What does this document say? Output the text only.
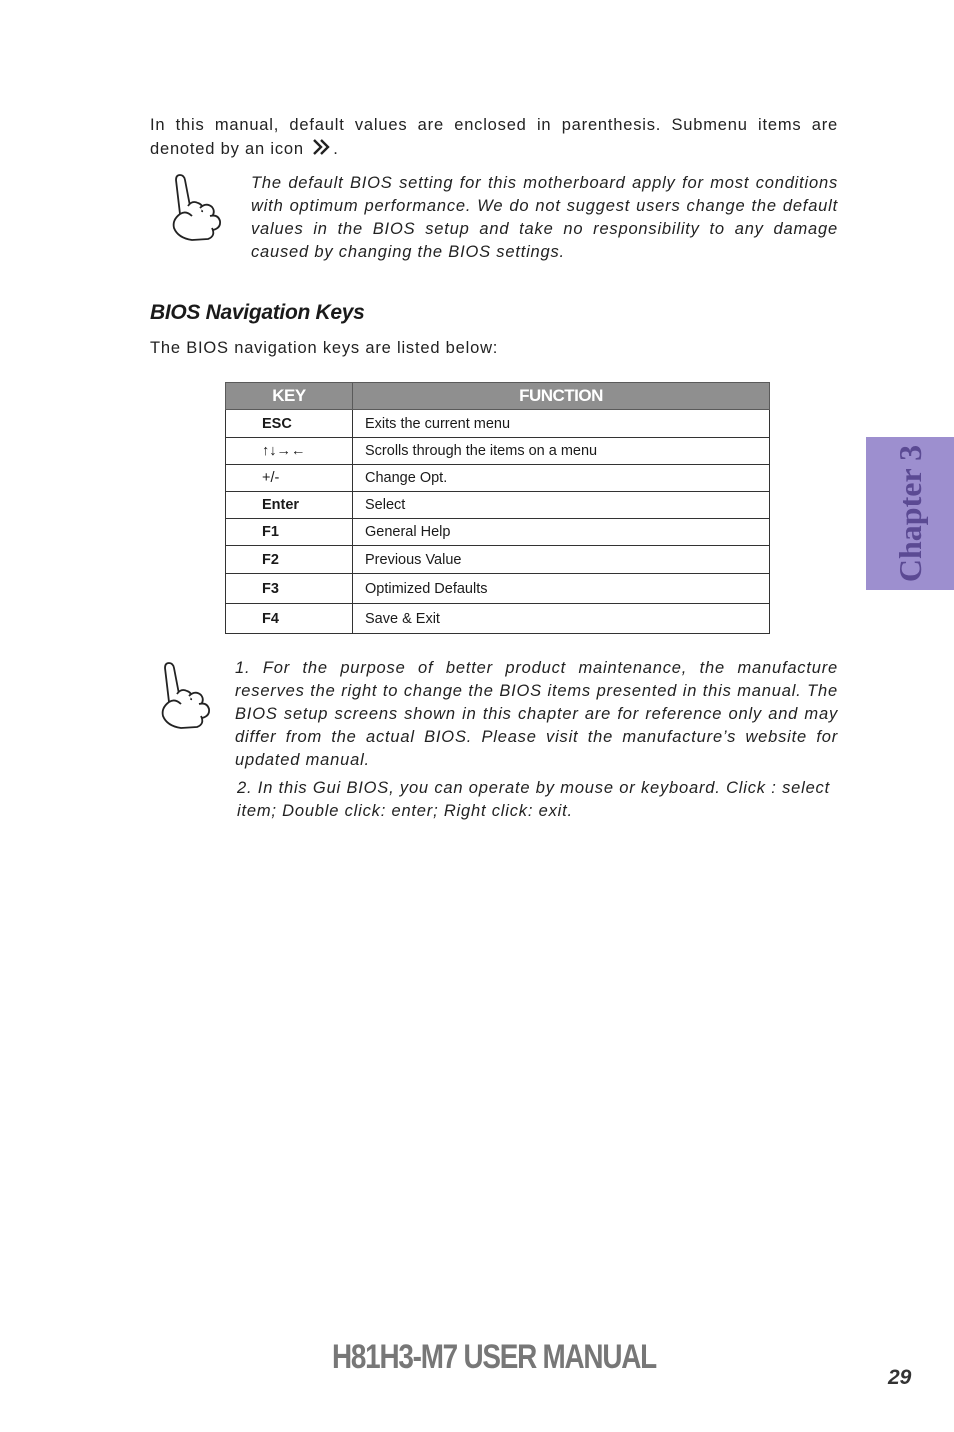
In this manual, default values are enclosed in parenthesis. Submenu items are denoted by an icon .

The default BIOS setting for this motherboard apply for most conditions with optimum performance. We do not suggest users change the default values in the BIOS setup and take no responsibility to any damage caused by changing the BIOS settings.

BIOS Navigation Keys

The BIOS navigation keys are listed below:

KEY	FUNCTION
ESC	Exits the current menu
↑↓→←	Scrolls through the items on a menu
+/-	Change Opt.
Enter	Select
F1	General Help
F2	Previous Value
F3	Optimized Defaults
F4	Save & Exit

1. For the purpose of better product maintenance, the manufacture reserves the right to change the BIOS items presented in this manual. The BIOS setup screens shown in this chapter are for reference only and may differ from the actual BIOS. Please visit the manufacture’s website for updated manual.

2. In this Gui BIOS, you can operate by mouse or keyboard. Click : select item; Double click: enter; Right click: exit.

Chapter 3

H81H3-M7 USER MANUAL

29
